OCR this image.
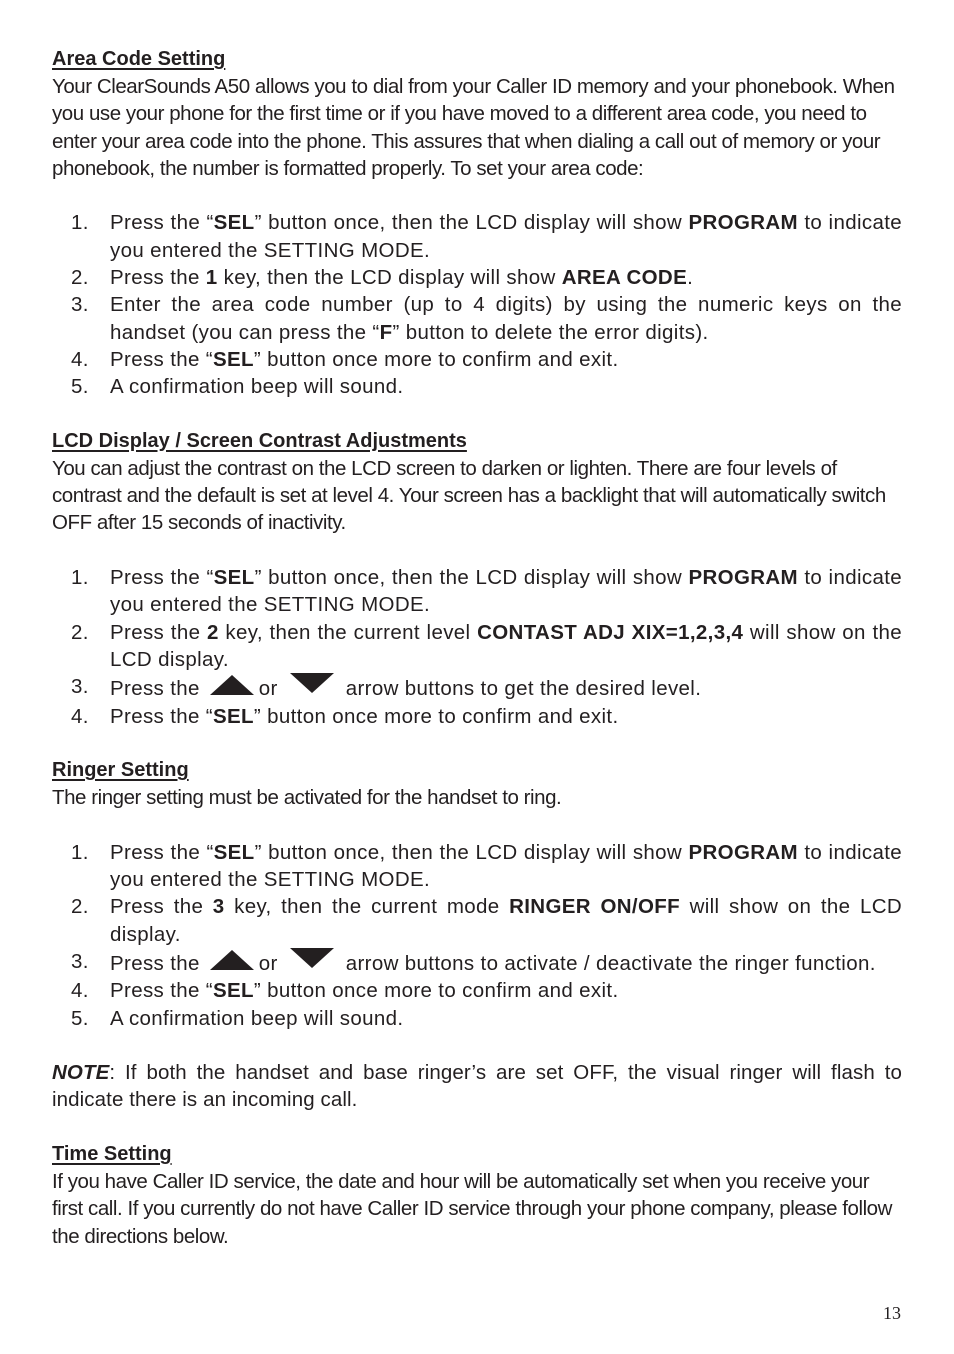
Area Code Setting

Your ClearSounds A50 allows you to dial from your Caller ID memory and your phonebook. When you use your phone for the first time or if you have moved to a different area code, you need to enter your area code into the phone. This assures that when dialing a call out of memory or your phonebook, the number is formatted properly. To set your area code:

1. Press the “SEL” button once, then the LCD display will show PROGRAM to indicate you entered the SETTING MODE.
2. Press the 1 key, then the LCD display will show AREA CODE.
3. Enter the area code number (up to 4 digits) by using the numeric keys on the handset (you can press the “F” button to delete the error digits).
4. Press the “SEL” button once more to confirm and exit.
5. A confirmation beep will sound.
LCD Display / Screen Contrast Adjustments

You can adjust the contrast on the LCD screen to darken or lighten. There are four levels of contrast and the default is set at level 4. Your screen has a backlight that will automatically switch OFF after 15 seconds of inactivity.

1. Press the “SEL” button once, then the LCD display will show PROGRAM to indicate you entered the SETTING MODE.
2. Press the 2 key, then the current level CONTAST ADJ XIX=1,2,3,4 will show on the LCD display.
3. Press the	or	arrow buttons to get the desired level.
4. Press the “SEL” button once more to confirm and exit.
Ringer Setting

The ringer setting must be activated for the handset to ring.

1. Press the “SEL” button once, then the LCD display will show PROGRAM to indicate you entered the SETTING MODE.
2. Press the 3 key, then the current mode RINGER ON/OFF will show on the LCD display.
3. Press the	or	arrow buttons to activate / deactivate the ringer function.
4. Press the “SEL” button once more to confirm and exit.
5. A confirmation beep will sound.

NOTE: If both the handset and base ringer’s are set OFF, the visual ringer will flash to indicate there is an incoming call.

Time Setting

If you have Caller ID service, the date and hour will be automatically set when you receive your first call. If you currently do not have Caller ID service through your phone company, please follow the directions below.

13
